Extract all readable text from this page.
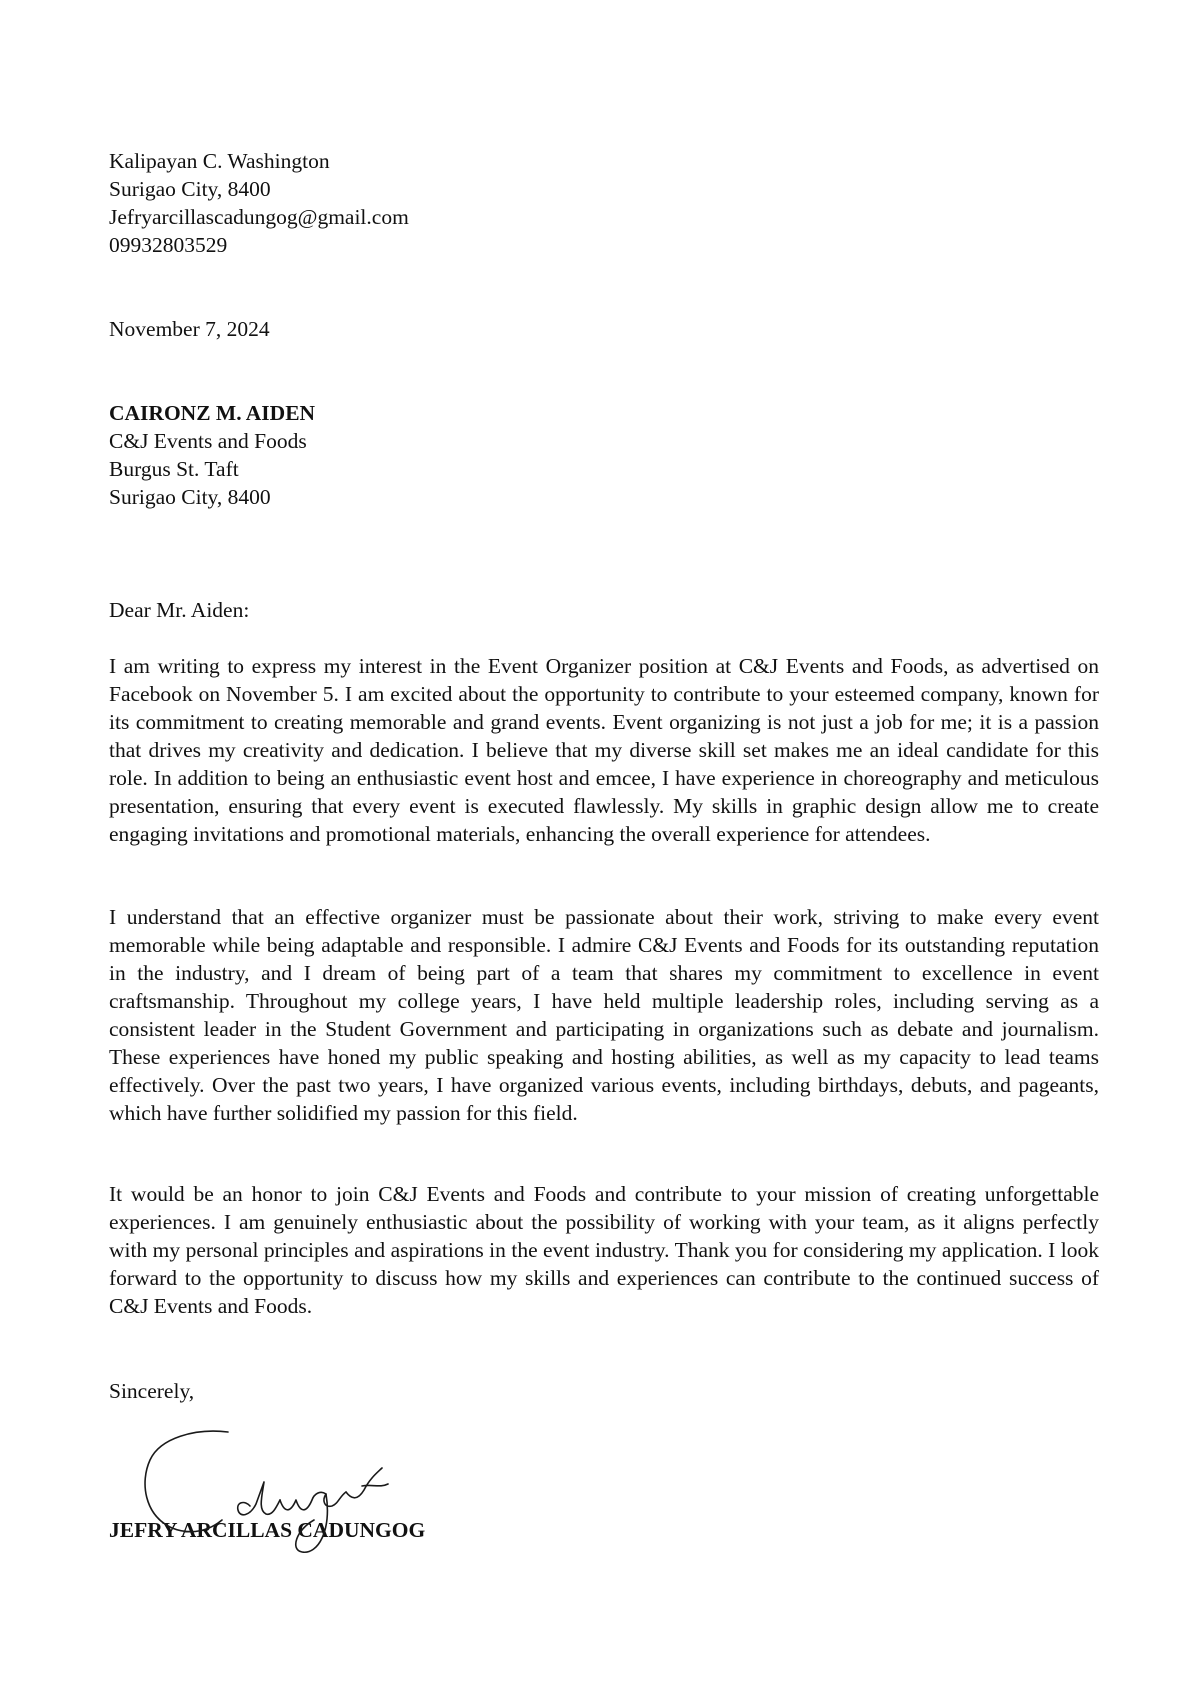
Kalipayan C. Washington
Surigao City, 8400
Jefryarcillascadungog@gmail.com
09932803529
November 7, 2024
CAIRONZ M. AIDEN
C&J Events and Foods
Burgus St. Taft
Surigao City, 8400
Dear Mr. Aiden:

I am writing to express my interest in the Event Organizer position at C&J Events and Foods, as advertised on Facebook on November 5. I am excited about the opportunity to contribute to your esteemed company, known for its commitment to creating memorable and grand events. Event organizing is not just a job for me; it is a passion that drives my creativity and dedication. I believe that my diverse skill set makes me an ideal candidate for this role. In addition to being an enthusiastic event host and emcee, I have experience in choreography and meticulous presentation, ensuring that every event is executed flawlessly. My skills in graphic design allow me to create engaging invitations and promotional materials, enhancing the overall experience for attendees.

I understand that an effective organizer must be passionate about their work, striving to make every event memorable while being adaptable and responsible. I admire C&J Events and Foods for its outstanding reputation in the industry, and I dream of being part of a team that shares my commitment to excellence in event craftsmanship. Throughout my college years, I have held multiple leadership roles, including serving as a consistent leader in the Student Government and participating in organizations such as debate and journalism. These experiences have honed my public speaking and hosting abilities, as well as my capacity to lead teams effectively. Over the past two years, I have organized various events, including birthdays, debuts, and pageants, which have further solidified my passion for this field.

It would be an honor to join C&J Events and Foods and contribute to your mission of creating unforgettable experiences. I am genuinely enthusiastic about the possibility of working with your team, as it aligns perfectly with my personal principles and aspirations in the event industry. Thank you for considering my application. I look forward to the opportunity to discuss how my skills and experiences can contribute to the continued success of C&J Events and Foods.

Sincerely,
JEFRY ARCILLAS CADUNGOG
